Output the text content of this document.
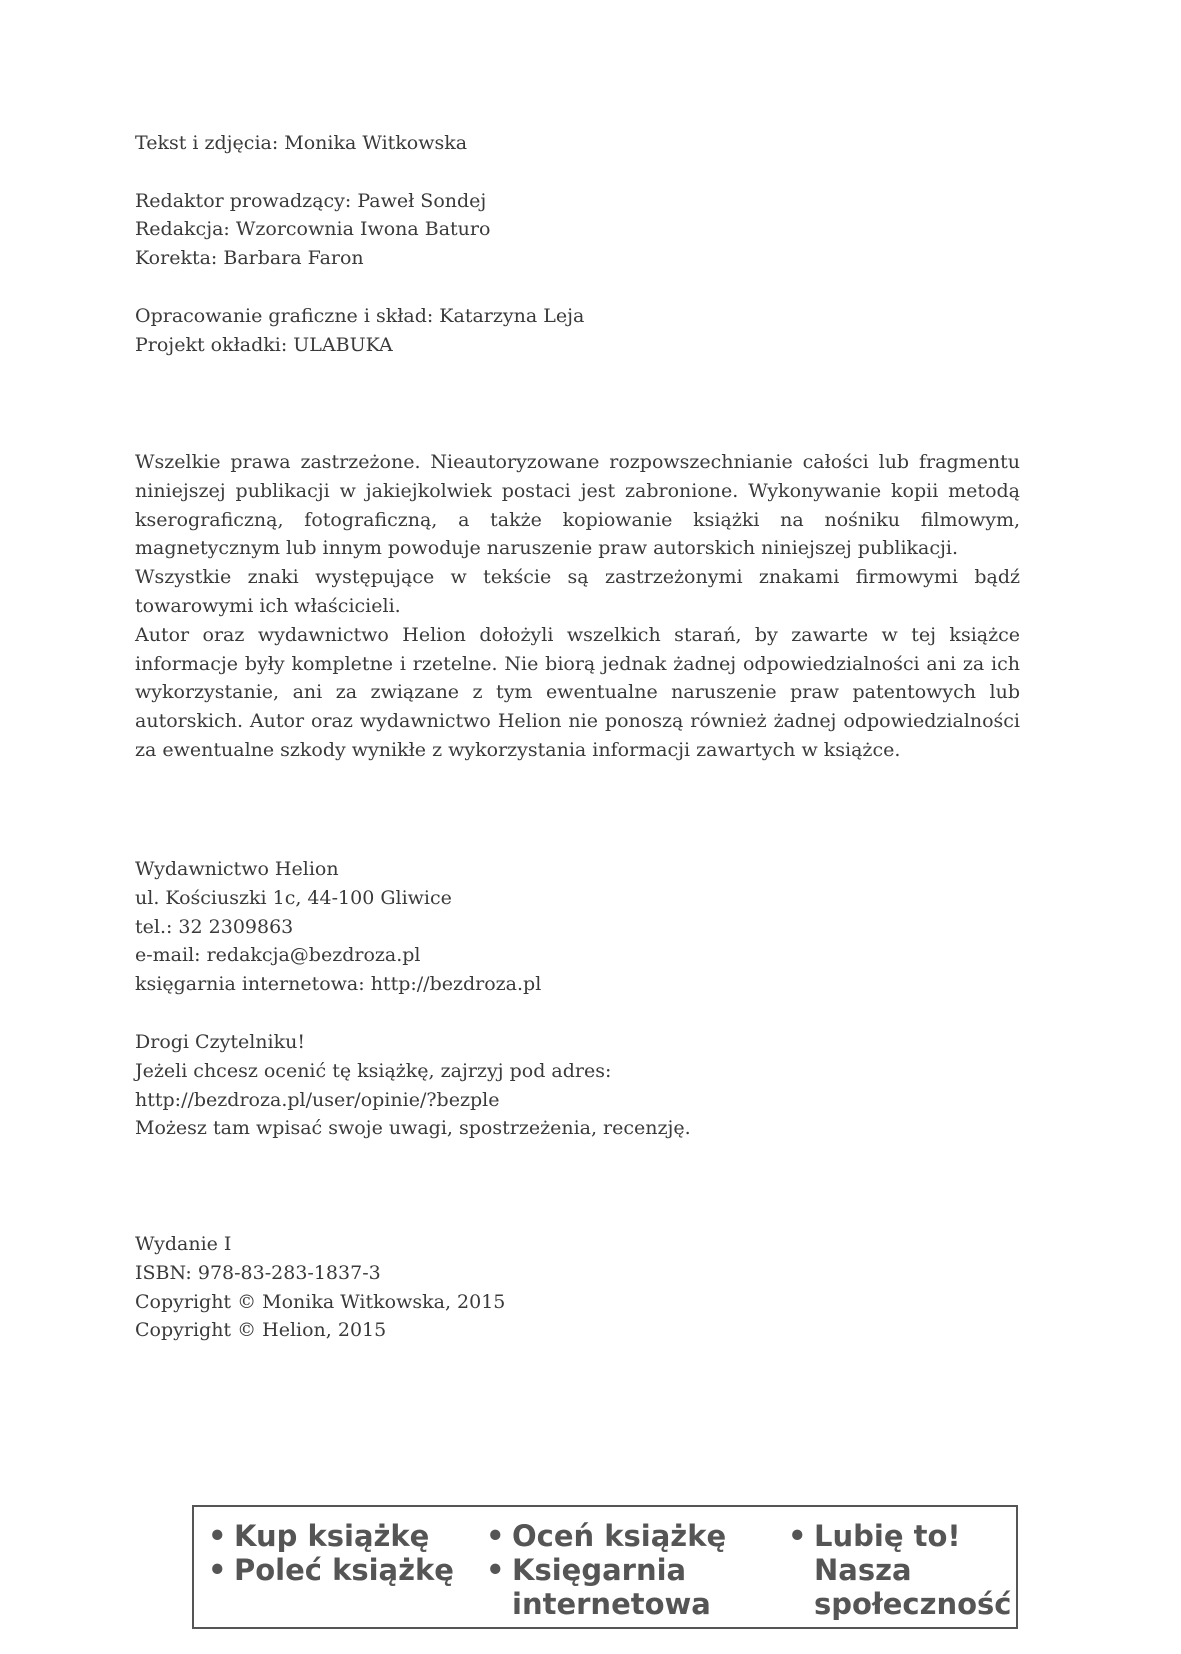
Tekst i zdjęcia: Monika Witkowska

Redaktor prowadzący: Paweł Sondej
Redakcja: Wzorcownia Iwona Baturo
Korekta: Barbara Faron

Opracowanie graficzne i skład: Katarzyna Leja
Projekt okładki: ULABUKA

Wszelkie prawa zastrzeżone. Nieautoryzowane rozpowszechnianie całości lub fragmentu niniejszej publikacji w jakiejkolwiek postaci jest zabronione. Wykonywanie kopii metodą kserograficzną, fotograficzną, a także kopiowanie książki na nośniku filmowym, magnetycznym lub innym powoduje naruszenie praw autorskich niniejszej publikacji.

Wszystkie znaki występujące w tekście są zastrzeżonymi znakami firmowymi bądź towarowymi ich właścicieli.

Autor oraz wydawnictwo Helion dołożyli wszelkich starań, by zawarte w tej książce informacje były kompletne i rzetelne. Nie biorą jednak żadnej odpowiedzialności ani za ich wykorzystanie, ani za związane z tym ewentualne naruszenie praw patentowych lub autorskich. Autor oraz wydawnictwo Helion nie ponoszą również żadnej odpowiedzialności za ewentualne szkody wynikłe z wykorzystania informacji zawartych w książce.

Wydawnictwo Helion
ul. Kościuszki 1c, 44-100 Gliwice
tel.: 32 2309863
e-mail: redakcja@bezdroza.pl
księgarnia internetowa: http://bezdroza.pl
Drogi Czytelniku!
Jeżeli chcesz ocenić tę książkę, zajrzyj pod adres:
http://bezdroza.pl/user/opinie/?bezple
Możesz tam wpisać swoje uwagi, spostrzeżenia, recenzję.
Wydanie I
ISBN: 978-83-283-1837-3
Copyright © Monika Witkowska, 2015
Copyright © Helion, 2015
• Kup książkę
• Poleć książkę
• Oceń książkę
• Księgarnia internetowa
• Lubię to! Nasza społeczność
